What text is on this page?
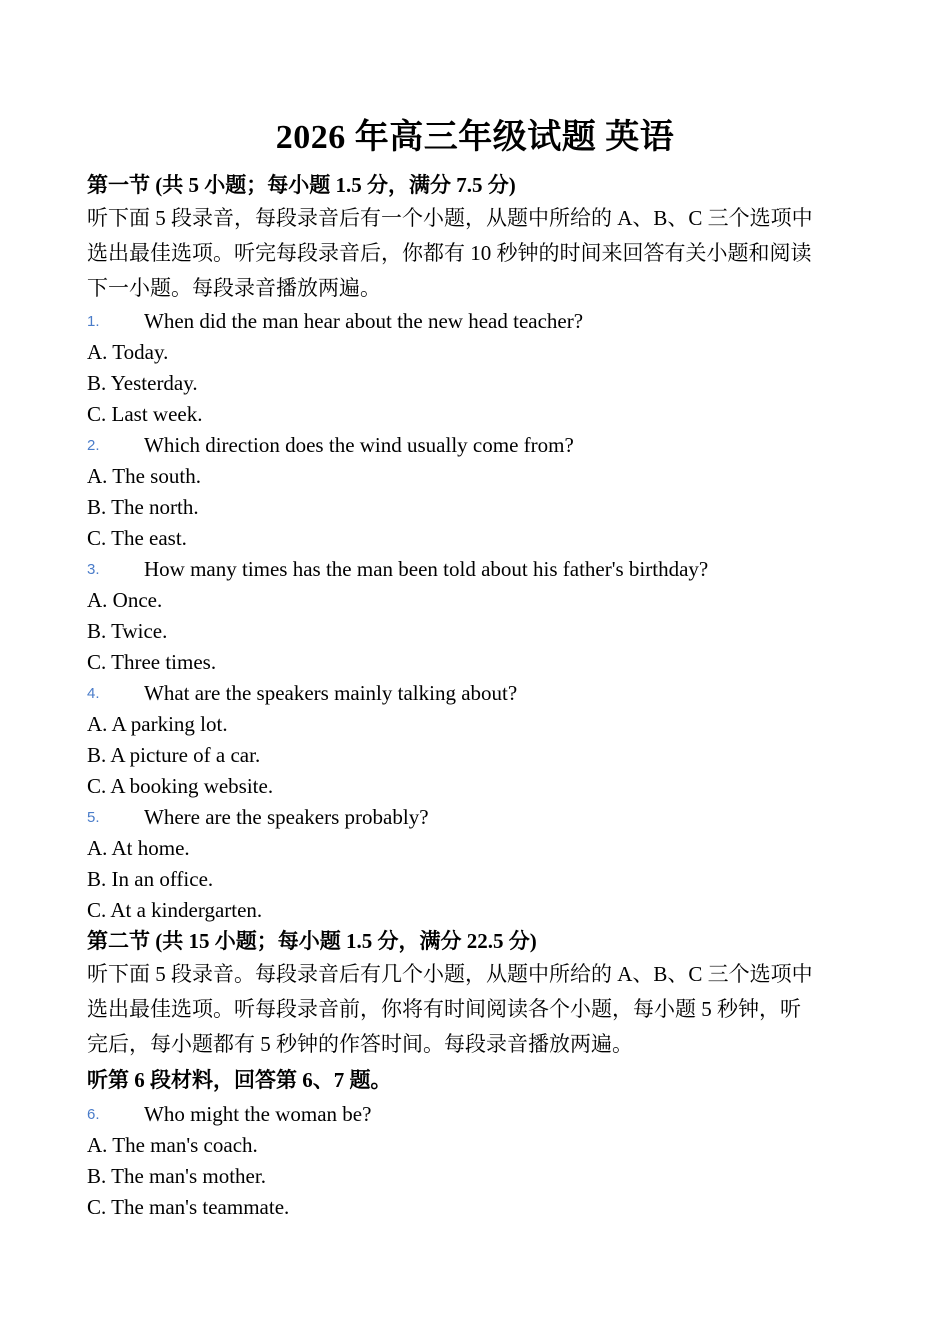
2026 年高三年级试题 英语
第一节 (共 5 小题；每小题 1.5 分，满分 7.5 分)
听下面 5 段录音，每段录音后有一个小题，从题中所给的 A、B、C 三个选项中
选出最佳选项。听完每段录音后，你都有 10 秒钟的时间来回答有关小题和阅读
下一小题。每段录音播放两遍。
1.	When did the man hear about the new head teacher?
A. Today.
B. Yesterday.
C. Last week.
2.	Which direction does the wind usually come from?
A. The south.
B. The north.
C. The east.
3.	How many times has the man been told about his father's birthday?
A. Once.
B. Twice.
C. Three times.
4.	What are the speakers mainly talking about?
A. A parking lot.
B. A picture of a car.
C. A booking website.
5.	Where are the speakers probably?
A. At home.
B. In an office.
C. At a kindergarten.
第二节 (共 15 小题；每小题 1.5 分，满分 22.5 分)
听下面 5 段录音。每段录音后有几个小题，从题中所给的 A、B、C 三个选项中
选出最佳选项。听每段录音前，你将有时间阅读各个小题，每小题 5 秒钟，听
完后，每小题都有 5 秒钟的作答时间。每段录音播放两遍。
听第 6 段材料，回答第 6、7 题。
6.	Who might the woman be?
A. The man's coach.
B. The man's mother.
C. The man's teammate.
